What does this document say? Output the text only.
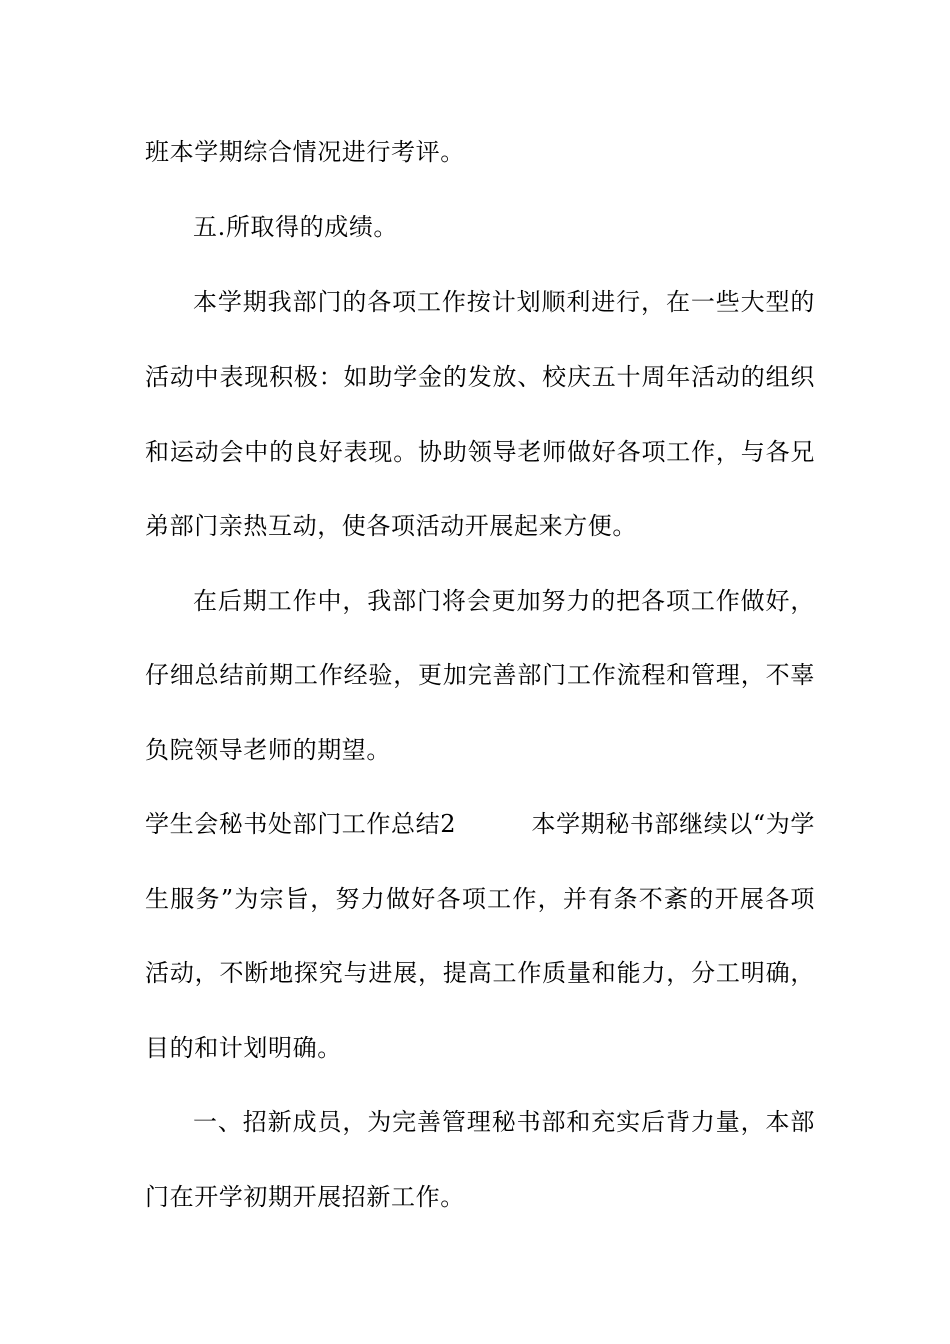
班本学期综合情况进行考评。
五.所取得的成绩。
本学期我部门的各项工作按计划顺利进行，在一些大型的
活动中表现积极：如助学金的发放、校庆五十周年活动的组织
和运动会中的良好表现。协助领导老师做好各项工作，与各兄
弟部门亲热互动，使各项活动开展起来方便。
在后期工作中，我部门将会更加努力的把各项工作做好，
仔细总结前期工作经验，更加完善部门工作流程和管理，不辜
负院领导老师的期望。
学生会秘书处部门工作总结2	本学期秘书部继续以“为学
生服务”为宗旨，努力做好各项工作，并有条不紊的开展各项
活动，不断地探究与进展，提高工作质量和能力，分工明确，
目的和计划明确。
一、招新成员，为完善管理秘书部和充实后背力量，本部
门在开学初期开展招新工作。
